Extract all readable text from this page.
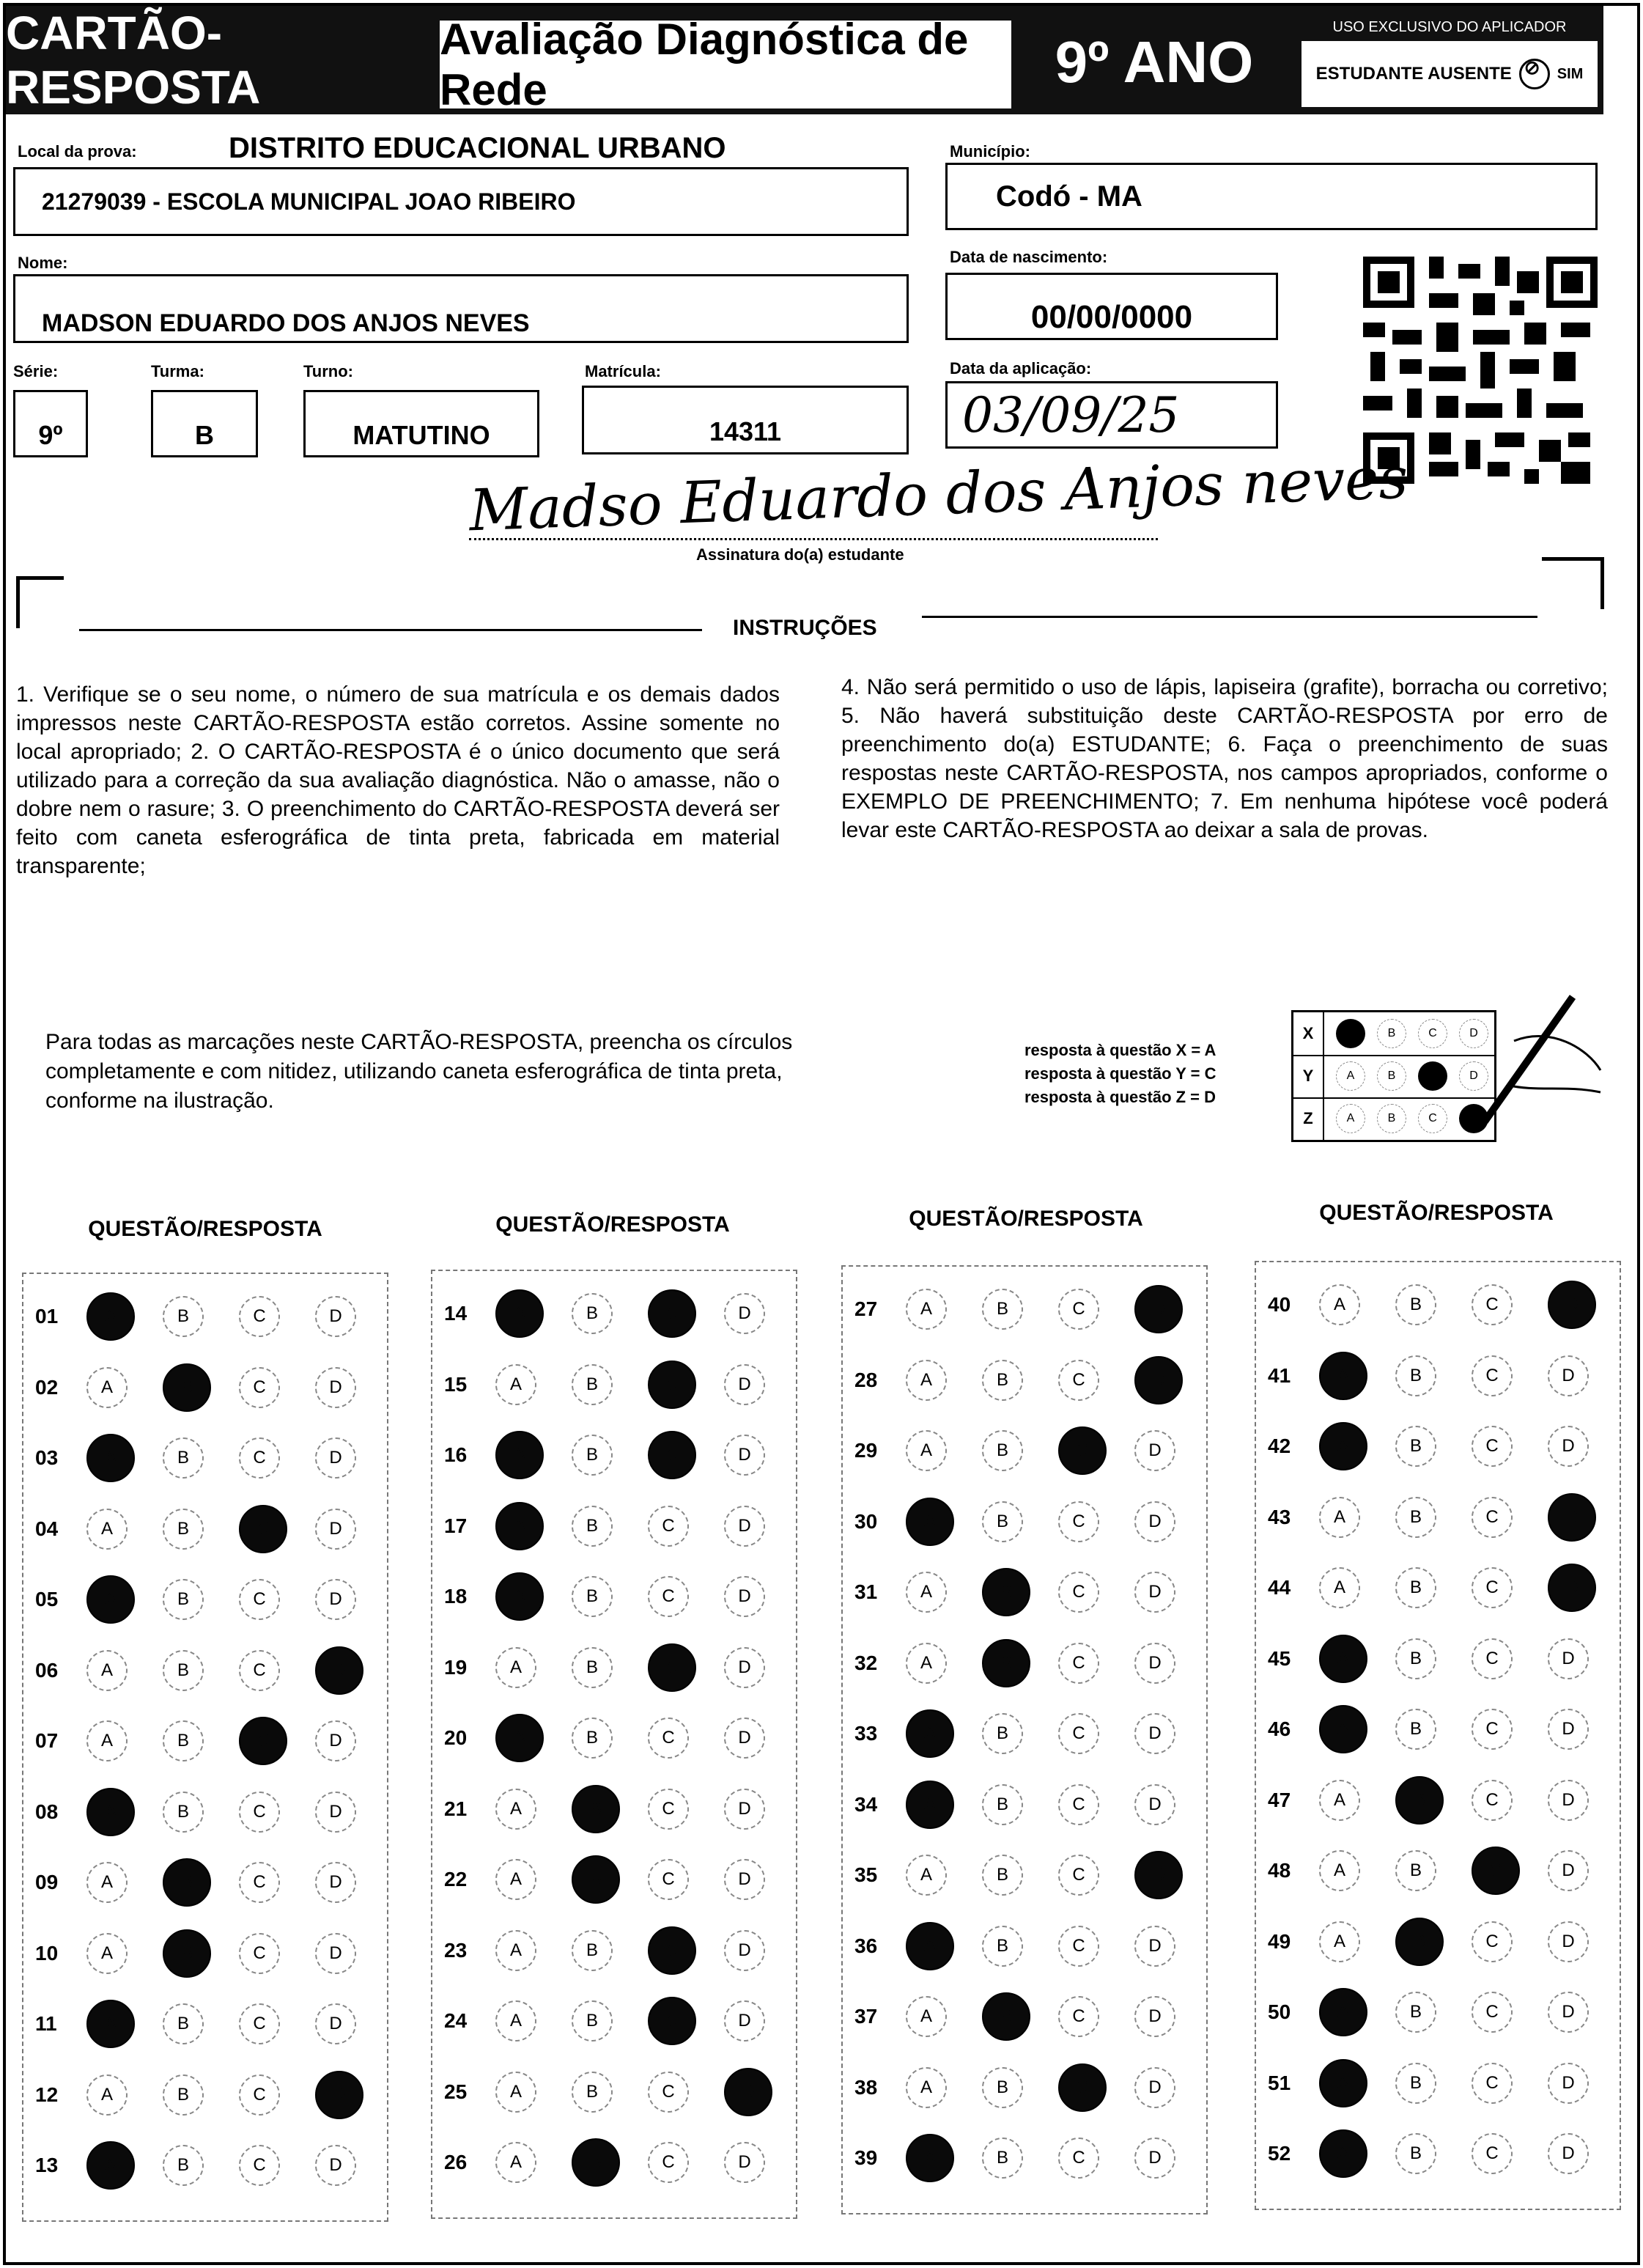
CARTÃO-RESPOSTA
Avaliação Diagnóstica de Rede	9º ANO
USO EXCLUSIVO DO APLICADOR
ESTUDANTE AUSENTE ⊘ SIM
Local da prova:	DISTRITO EDUCACIONAL URBANO
21279039 - ESCOLA MUNICIPAL JOAO RIBEIRO
Município:
Codó - MA
Nome:
MADSON EDUARDO DOS ANJOS NEVES
Data de nascimento:
00/00/0000
Série:
9º
Turma:
B
Turno:
MATUTINO
Matrícula:
14311
Data da aplicação:
03/09/25
Madso Eduardo dos Anjos neves
Assinatura do(a) estudante
INSTRUÇÕES
1. Verifique se o seu nome, o número de sua matrícula e os demais dados impressos neste CARTÃO-RESPOSTA estão corretos. Assine somente no local apropriado; 2. O CARTÃO-RESPOSTA é o único documento que será utilizado para a correção da sua avaliação diagnóstica. Não o amasse, não o dobre nem o rasure; 3. O preenchimento do CARTÃO-RESPOSTA deverá ser feito com caneta esferográfica de tinta preta, fabricada em material transparente;
4. Não será permitido o uso de lápis, lapiseira (grafite), borracha ou corretivo; 5. Não haverá substituição deste CARTÃO-RESPOSTA por erro de preenchimento do(a) ESTUDANTE; 6. Faça o preenchimento de suas respostas neste CARTÃO-RESPOSTA, nos campos apropriados, conforme o EXEMPLO DE PREENCHIMENTO; 7. Em nenhuma hipótese você poderá levar este CARTÃO-RESPOSTA ao deixar a sala de provas.
Para todas as marcações neste CARTÃO-RESPOSTA, preencha os círculos completamente e com nitidez, utilizando caneta esferográfica de tinta preta, conforme na ilustração.
resposta à questão X = A
resposta à questão Y = C
resposta à questão Z = D
X	A	B	C	D
Y	A	B	C	D
Z	A	B	C	D
QUESTÃO/RESPOSTA
01	A	B	C	D
02	A	B	C	D
03	A	B	C	D
04	A	B	C	D
05	A	B	C	D
06	A	B	C	D
07	A	B	C	D
08	A	B	C	D
09	A	B	C	D
10	A	B	C	D
11	A	B	C	D
12	A	B	C	D
13	A	B	C	D
QUESTÃO/RESPOSTA
14	A	B	C	D
15	A	B	C	D
16	A	B	C	D
17	A	B	C	D
18	A	B	C	D
19	A	B	C	D
20	A	B	C	D
21	A	B	C	D
22	A	B	C	D
23	A	B	C	D
24	A	B	C	D
25	A	B	C	D
26	A	B	C	D
QUESTÃO/RESPOSTA
27	A	B	C	D
28	A	B	C	D
29	A	B	C	D
30	A	B	C	D
31	A	B	C	D
32	A	B	C	D
33	A	B	C	D
34	A	B	C	D
35	A	B	C	D
36	A	B	C	D
37	A	B	C	D
38	A	B	C	D
39	A	B	C	D
QUESTÃO/RESPOSTA
40	A	B	C	D
41	A	B	C	D
42	A	B	C	D
43	A	B	C	D
44	A	B	C	D
45	A	B	C	D
46	A	B	C	D
47	A	B	C	D
48	A	B	C	D
49	A	B	C	D
50	A	B	C	D
51	A	B	C	D
52	A	B	C	D
